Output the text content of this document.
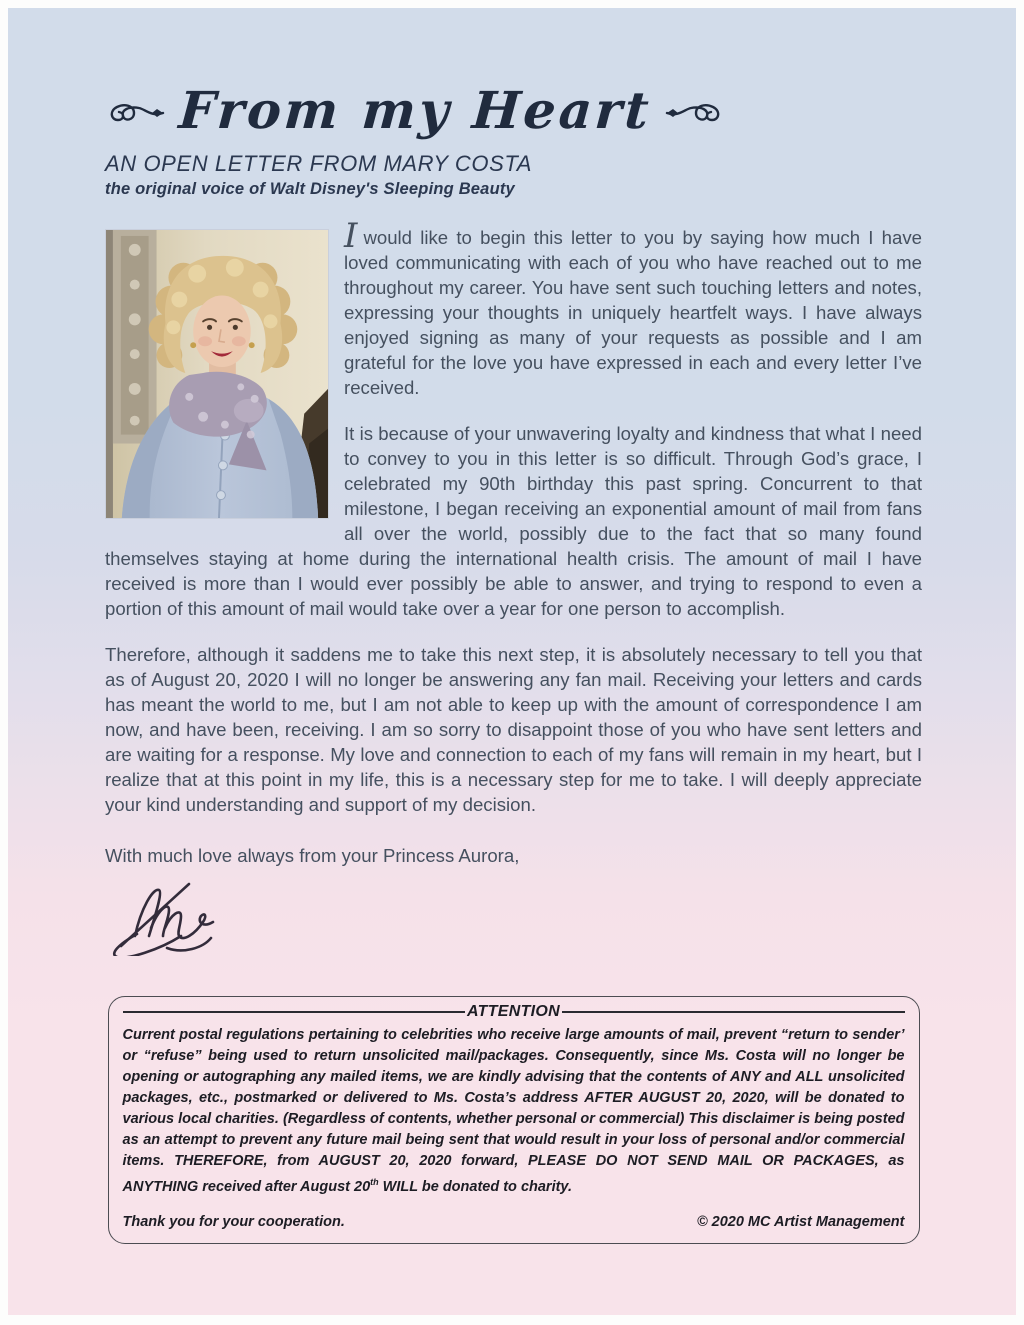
From my Heart
AN OPEN LETTER FROM MARY COSTA
the original voice of Walt Disney's Sleeping Beauty

Iwould like to begin this letter to you by saying how much I have loved communicating with each of you who have reached out to me throughout my career. You have sent such touching letters and notes, expressing your thoughts in uniquely heartfelt ways. I have always enjoyed signing as many of your requests as possible and I am grateful for the love you have expressed in each and every letter I’ve received.

It is because of your unwavering loyalty and kindness that what I need to convey to you in this letter is so difficult. Through God’s grace, I celebrated my 90th birthday this past spring. Concurrent to that milestone, I began receiving an exponential amount of mail from fans all over the world, possibly due to the fact that so many found themselves staying at home during the international health crisis. The amount of mail I have received is more than I would ever possibly be able to answer, and trying to respond to even a portion of this amount of mail would take over a year for one person to accomplish.

Therefore, although it saddens me to take this next step, it is absolutely necessary to tell you that as of August 20, 2020 I will no longer be answering any fan mail. Receiving your letters and cards has meant the world to me, but I am not able to keep up with the amount of correspondence I am now, and have been, receiving. I am so sorry to disappoint those of you who have sent letters and are waiting for a response. My love and connection to each of my fans will remain in my heart, but I realize that at this point in my life, this is a necessary step for me to take. I will deeply appreciate your kind understanding and support of my decision.

With much love always from your Princess Aurora,

ATTENTION

Current postal regulations pertaining to celebrities who receive large amounts of mail, prevent “return to sender’ or “refuse” being used to return unsolicited mail/packages. Consequently, since Ms. Costa will no longer be opening or autographing any mailed items, we are kindly advising that the contents of ANY and ALL unsolicited packages, etc., postmarked or delivered to Ms. Costa’s address AFTER AUGUST 20, 2020, will be donated to various local charities. (Regardless of contents, whether personal or commercial) This disclaimer is being posted as an attempt to prevent any future mail being sent that would result in your loss of personal and/or commercial items. THEREFORE, from AUGUST 20, 2020 forward, PLEASE DO NOT SEND MAIL OR PACKAGES, as ANYTHING received after August 20th WILL be donated to charity.

Thank you for your cooperation.	© 2020 MC Artist Management
